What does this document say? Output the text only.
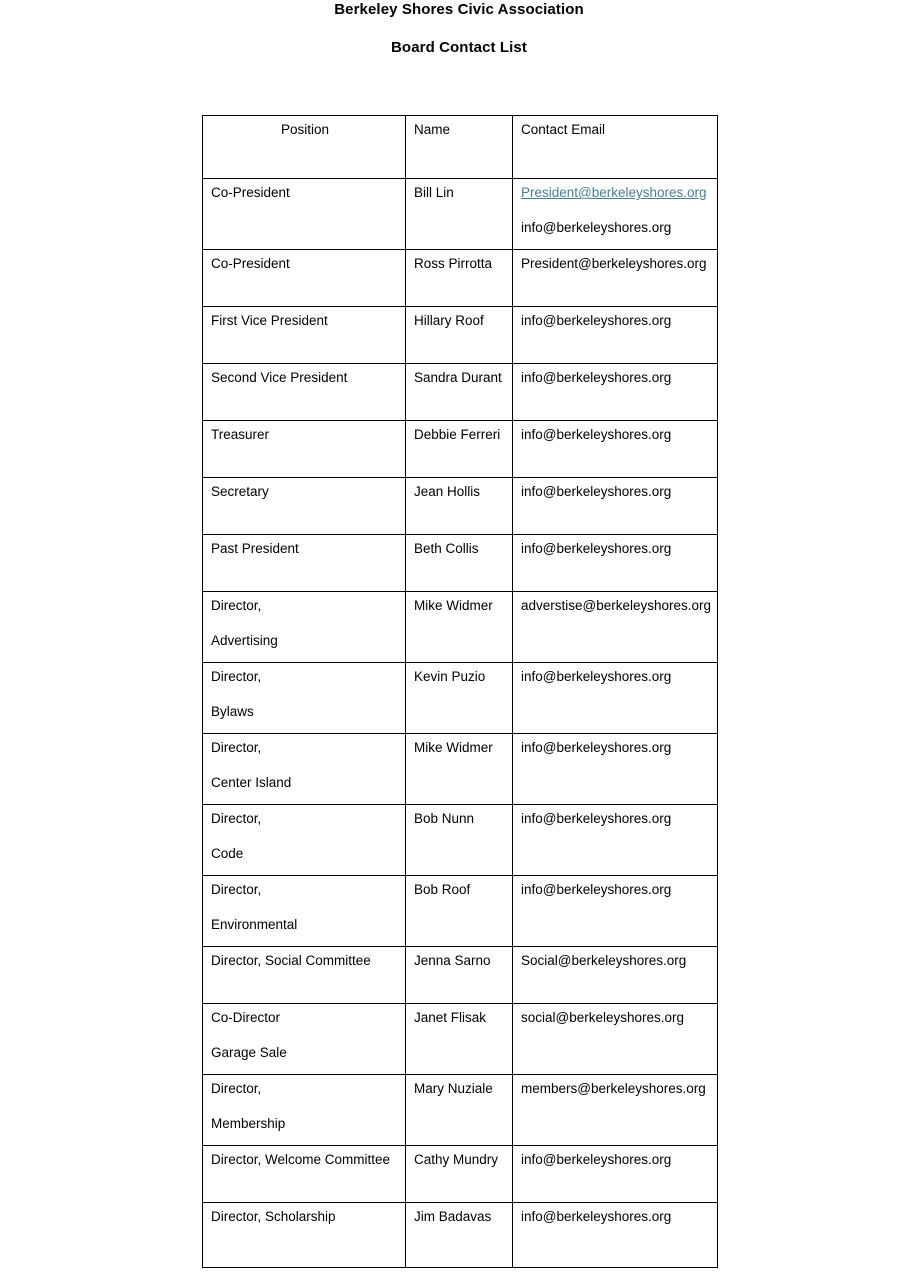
Berkeley Shores Civic Association
Board Contact List
Position	Name	Contact Email

Co-President	Bill Lin	President@berkeleyshores.org
info@berkeleyshores.org

Co-President	Ross Pirrotta	President@berkeleyshores.org

First Vice President	Hillary Roof	info@berkeleyshores.org

Second Vice President	Sandra Durant	info@berkeleyshores.org

Treasurer	Debbie Ferreri	info@berkeleyshores.org

Secretary	Jean Hollis	info@berkeleyshores.org

Past President	Beth Collis	info@berkeleyshores.org

Director,
Advertising	Mike Widmer	adverstise@berkeleyshores.org

Director,
Bylaws	Kevin Puzio	info@berkeleyshores.org

Director,
Center Island	Mike Widmer	info@berkeleyshores.org

Director,
Code	Bob Nunn	info@berkeleyshores.org

Director,
Environmental	Bob Roof	info@berkeleyshores.org

Director, Social Committee	Jenna Sarno	Social@berkeleyshores.org

Co-Director
Garage Sale	Janet Flisak	social@berkeleyshores.org

Director,
Membership	Mary Nuziale	members@berkeleyshores.org

Director, Welcome Committee	Cathy Mundry	info@berkeleyshores.org

Director, Scholarship	Jim Badavas	info@berkeleyshores.org
